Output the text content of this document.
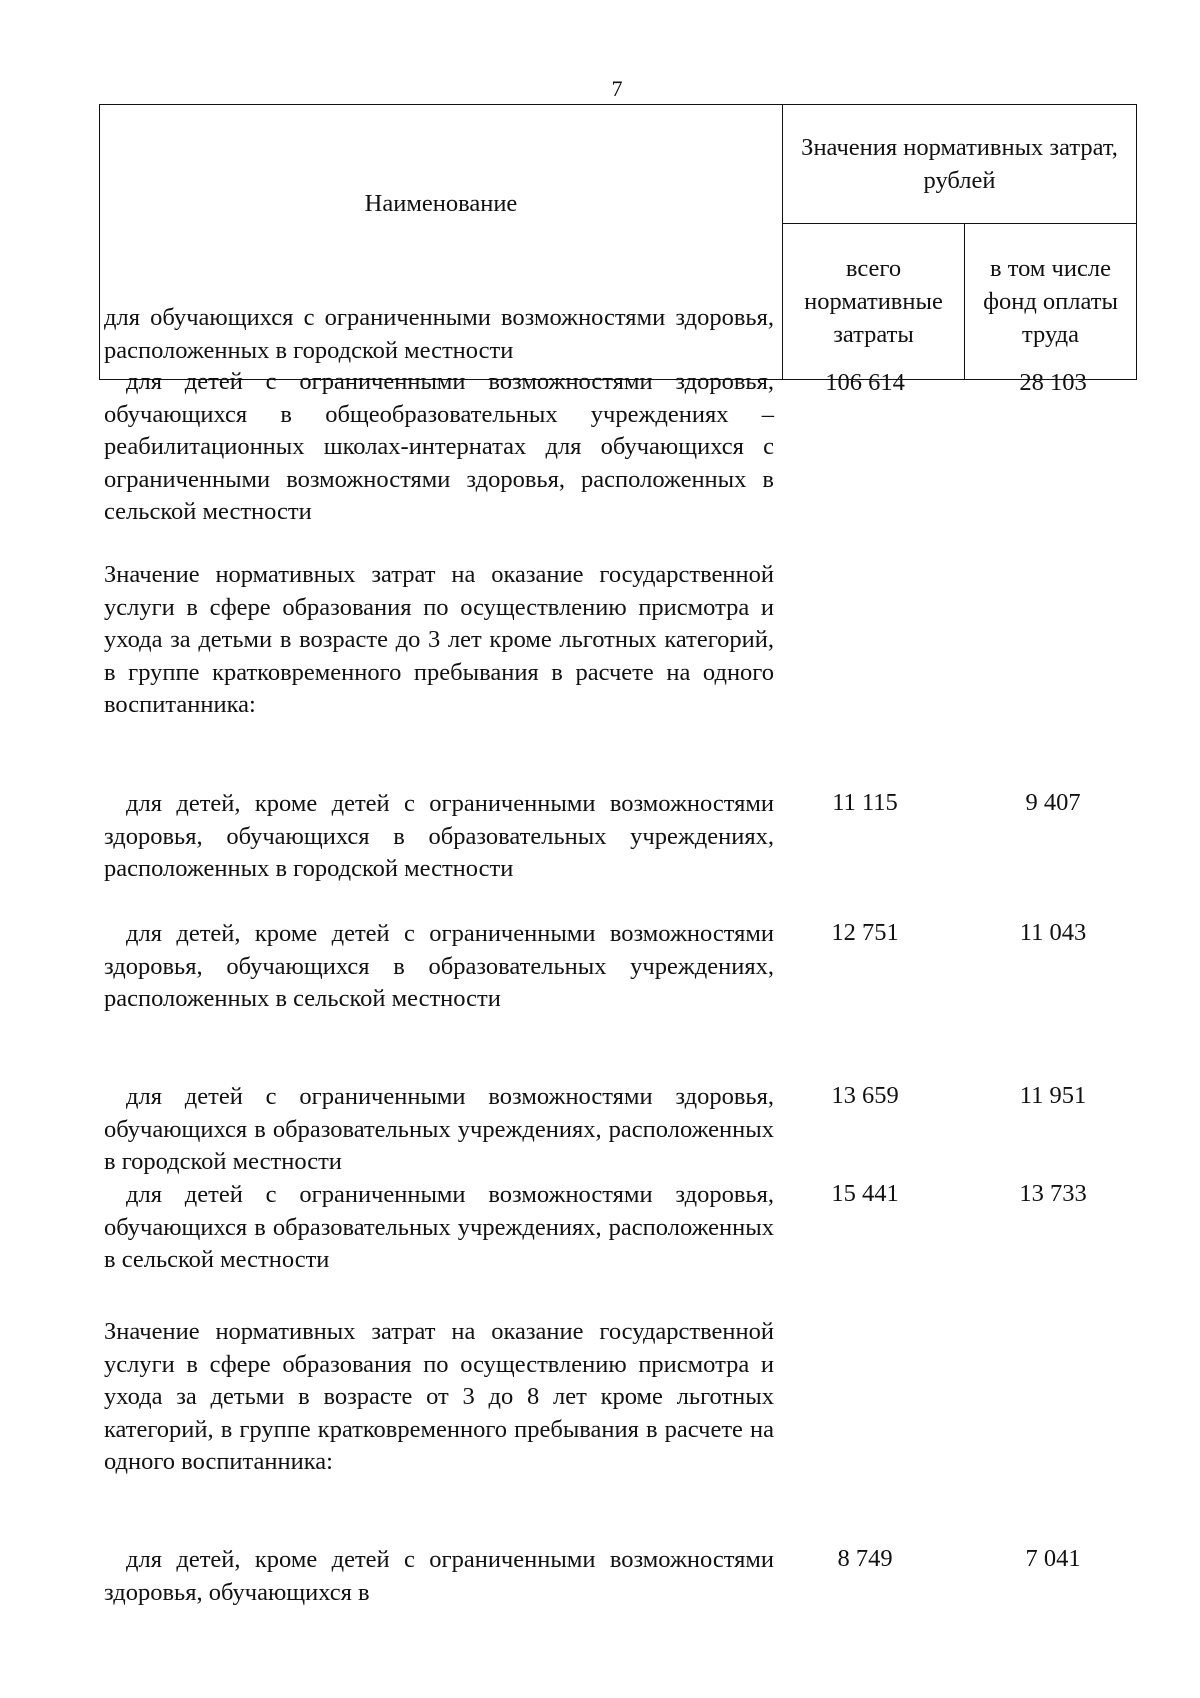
7
Наименование	Значения нормативных затрат, рублей	
	всего нормативные затраты	в том числе фонд оплаты труда
для обучающихся с ограниченными возможностями здоровья, расположенных в городской местности
для детей с ограниченными возможностями здоровья, обучающихся в общеобразовательных учреждениях – реабилитационных школах-интернатах для обучающихся с ограниченными возможностями здоровья, расположенных в сельской местности
106 614	28 103
Значение нормативных затрат на оказание государственной услуги в сфере образования по осуществлению присмотра и ухода за детьми в возрасте до 3 лет кроме льготных категорий, в группе кратковременного пребывания в расчете на одного воспитанника:
для детей, кроме детей с ограниченными возможностями здоровья, обучающихся в образовательных учреждениях, расположенных в городской местности
11 115	9 407
для детей, кроме детей с ограниченными возможностями здоровья, обучающихся в образовательных учреждениях, расположенных в сельской местности
12 751	11 043
для детей с ограниченными возможностями здоровья, обучающихся в образовательных учреждениях, расположенных в городской местности
13 659	11 951
для детей с ограниченными возможностями здоровья, обучающихся в образовательных учреждениях, расположенных в сельской местности
15 441	13 733
Значение нормативных затрат на оказание государственной услуги в сфере образования по осуществлению присмотра и ухода за детьми в возрасте от 3 до 8 лет кроме льготных категорий, в группе кратковременного пребывания в расчете на одного воспитанника:
для детей, кроме детей с ограниченными возможностями здоровья, обучающихся в
8 749	7 041
